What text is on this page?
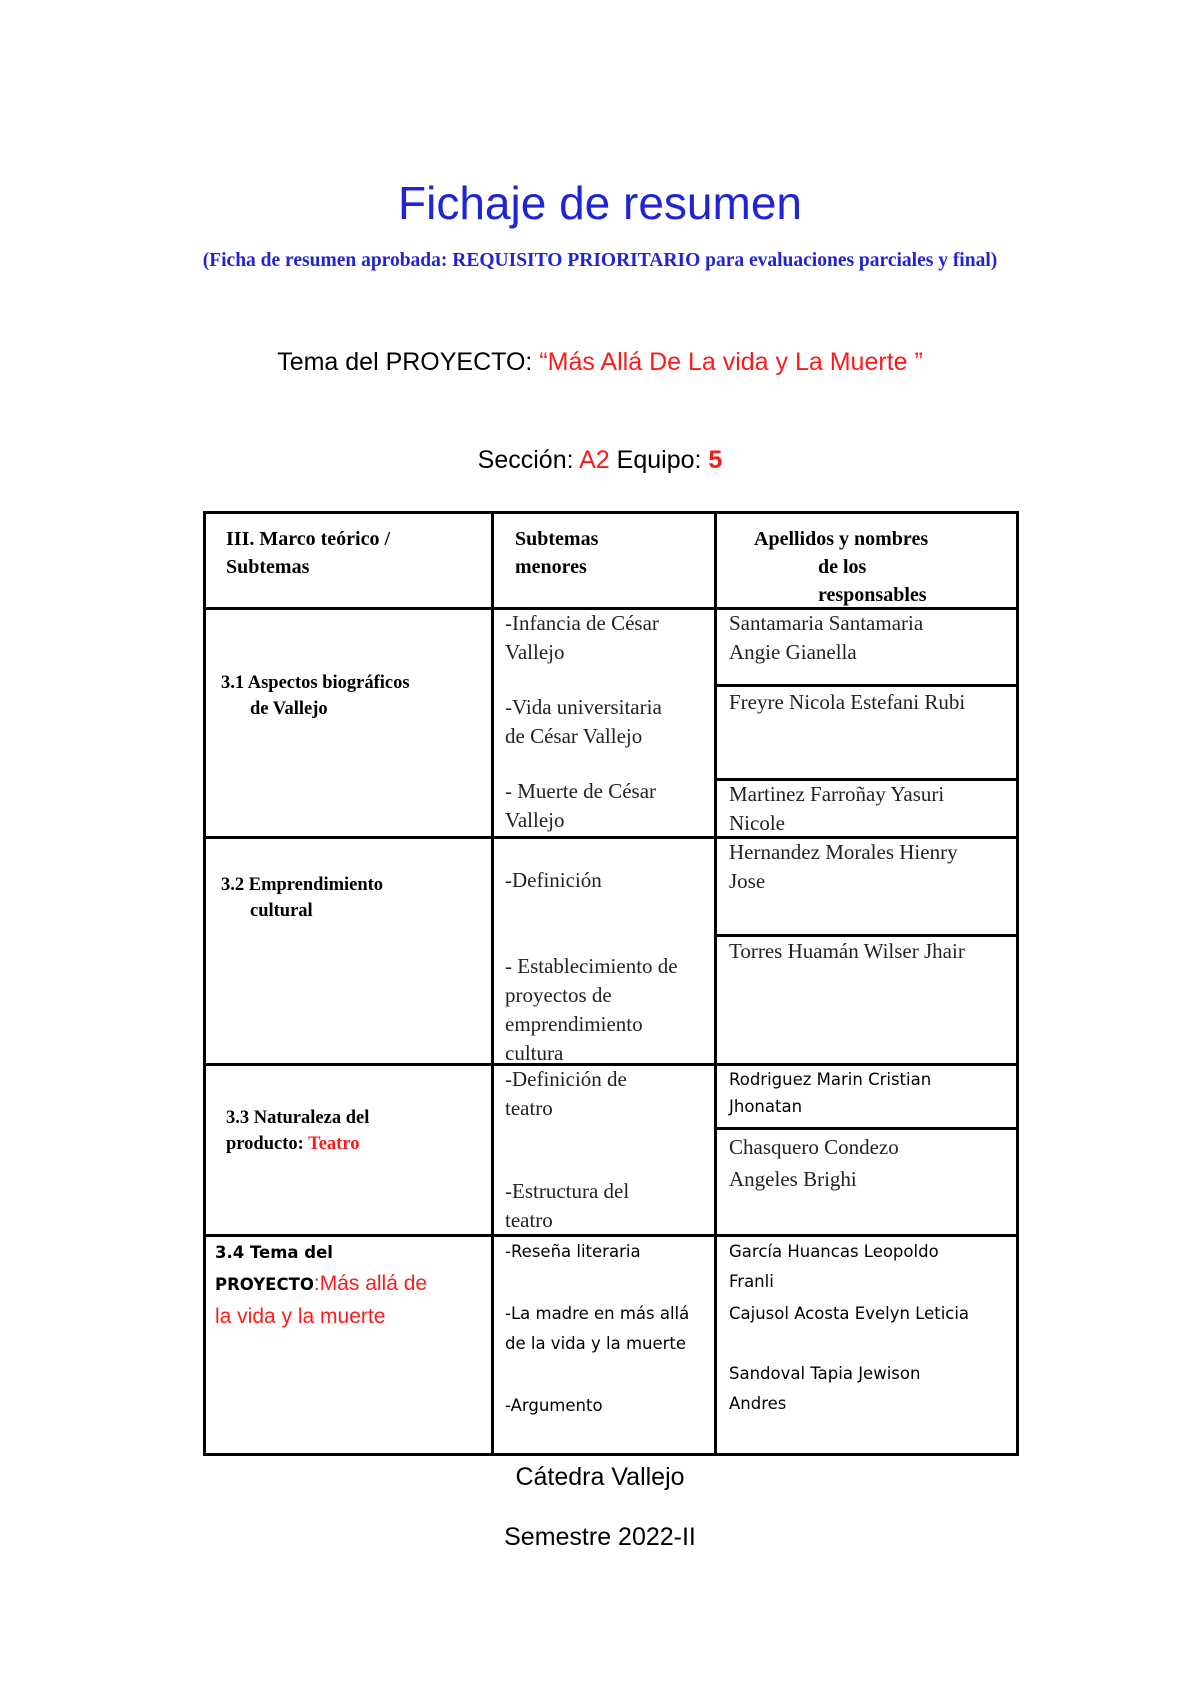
Fichaje de resumen
(Ficha de resumen aprobada: REQUISITO PRIORITARIO para evaluaciones parciales y final)
Tema del PROYECTO: “Más Allá De La vida y La Muerte ”
Sección: A2 Equipo: 5
III. Marco teórico /
Subtemas
Subtemas
menores
Apellidos y nombres
de los
responsables
3.1 Aspectos biográficos
de Vallejo
-Infancia de César
Vallejo
-Vida universitaria
de César Vallejo
- Muerte de César
Vallejo
Santamaria Santamaria
Angie Gianella
Freyre Nicola Estefani Rubi
Martinez Farroñay Yasuri
Nicole
3.2 Emprendimiento
cultural
-Definición
- Establecimiento de
proyectos de
emprendimiento
cultura
Hernandez Morales Hienry
Jose
Torres Huamán Wilser Jhair
3.3 Naturaleza del
producto: Teatro
-Definición de
teatro
-Estructura del
teatro
Rodriguez Marin Cristian
Jhonatan
Chasquero Condezo
Angeles Brighi
3.4 Tema del
PROYECTO:Más allá de
la vida y la muerte
-Reseña literaria
-La madre en más allá
de la vida y la muerte
-Argumento
García Huancas Leopoldo
Franli
Cajusol Acosta Evelyn Leticia
Sandoval Tapia Jewison
Andres
Cátedra Vallejo
Semestre 2022-II
